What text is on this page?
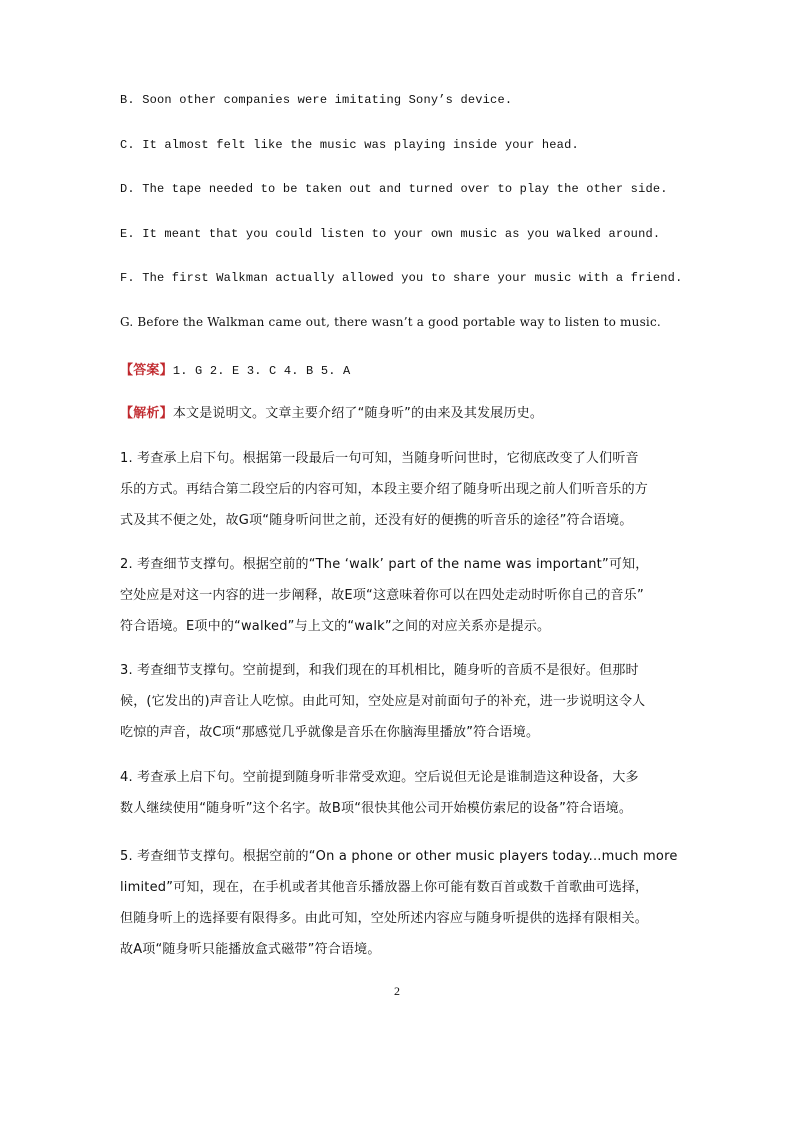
B. Soon other companies were imitating Sony’s device.
C. It almost felt like the music was playing inside your head.
D. The tape needed to be taken out and turned over to play the other side.
E. It meant that you could listen to your own music as you walked around.
F. The first Walkman actually allowed you to share your music with a friend.
G. Before the Walkman came out, there wasn’t a good portable way to listen to music.
【答案】1. G 2. E 3. C 4. B 5. A
【解析】本文是说明文。文章主要介绍了“随身听”的由来及其发展历史。
1. 考查承上启下句。根据第一段最后一句可知，当随身听问世时，它彻底改变了人们听音
乐的方式。再结合第二段空后的内容可知，本段主要介绍了随身听出现之前人们听音乐的方
式及其不便之处，故G项“随身听问世之前，还没有好的便携的听音乐的途径”符合语境。
2. 考查细节支撑句。根据空前的“The ‘walk’ part of the name was important”可知，
空处应是对这一内容的进一步阐释，故E项“这意味着你可以在四处走动时听你自己的音乐”
符合语境。E项中的“walked”与上文的“walk”之间的对应关系亦是提示。
3. 考查细节支撑句。空前提到，和我们现在的耳机相比，随身听的音质不是很好。但那时
候，(它发出的)声音让人吃惊。由此可知，空处应是对前面句子的补充，进一步说明这令人
吃惊的声音，故C项“那感觉几乎就像是音乐在你脑海里播放”符合语境。
4. 考查承上启下句。空前提到随身听非常受欢迎。空后说但无论是谁制造这种设备，大多
数人继续使用“随身听”这个名字。故B项“很快其他公司开始模仿索尼的设备”符合语境。
5. 考查细节支撑句。根据空前的“On a phone or other music players today...much more
limited”可知，现在，在手机或者其他音乐播放器上你可能有数百首或数千首歌曲可选择，
但随身听上的选择要有限得多。由此可知，空处所述内容应与随身听提供的选择有限相关。
故A项“随身听只能播放盒式磁带”符合语境。
2
